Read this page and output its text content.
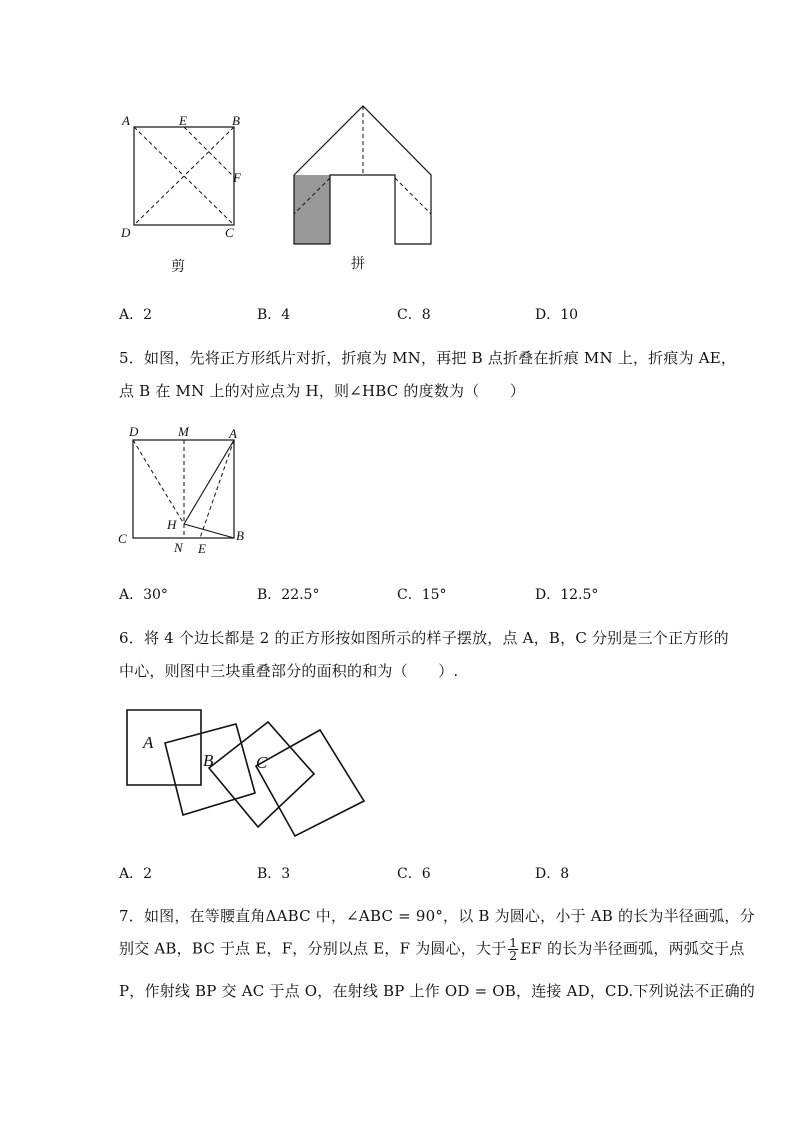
A	E	B
F
D	C
剪	拼
A．2	B．4	C．8	D．10
5．如图，先将正方形纸片对折，折痕为 MN，再把 B 点折叠在折痕 MN 上，折痕为 AE，
点 B 在 MN 上的对应点为 H，则∠HBC 的度数为（　　）
D	M	A
H
C
N E
B
A．30°	B．22.5°	C．15°	D．12.5°
6．将 4 个边长都是 2 的正方形按如图所示的样子摆放，点 A，B，C 分别是三个正方形的
中心，则图中三块重叠部分的面积的和为（　　）.
A
B	C
A．2	B．3	C．6	D．8
7．如图，在等腰直角ΔABC 中，∠ABC = 90°，以 B 为圆心，小于 AB 的长为半径画弧，分
别交 AB，BC 于点 E，F，分别以点 E，F 为圆心，大于 $\frac{1}{2}$ EF 的长为半径画弧，两弧交于点
P，作射线 BP 交 AC 于点 O，在射线 BP 上作 OD = OB，连接 AD，CD.下列说法不正确的
